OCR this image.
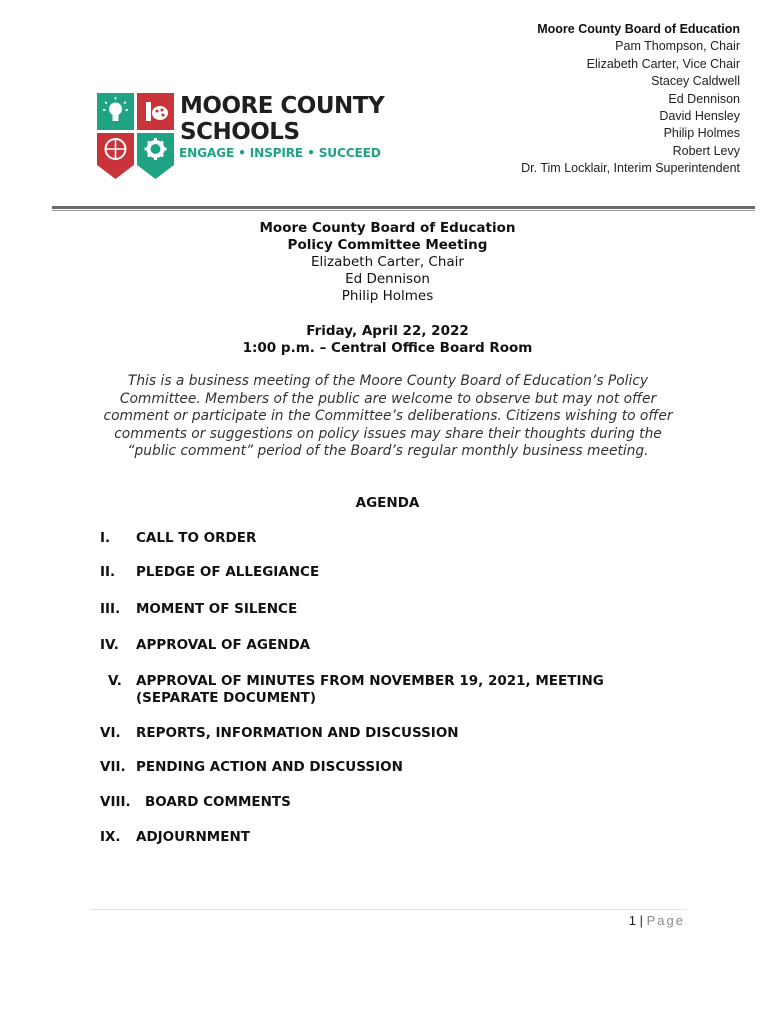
Moore County Board of Education
Pam Thompson, Chair
Elizabeth Carter, Vice Chair
Stacey Caldwell
Ed Dennison
David Hensley
Philip Holmes
Robert Levy
Dr. Tim Locklair, Interim Superintendent
MOORE COUNTY
SCHOOLS
ENGAGE • INSPIRE • SUCCEED
Moore County Board of Education
Policy Committee Meeting
Elizabeth Carter, Chair
Ed Dennison
Philip Holmes
Friday, April 22, 2022
1:00 p.m. – Central Office Board Room
This is a business meeting of the Moore County Board of Education’s Policy Committee. Members of the public are welcome to observe but may not offer comment or participate in the Committee’s deliberations. Citizens wishing to offer comments or suggestions on policy issues may share their thoughts during the “public comment” period of the Board’s regular monthly business meeting.
AGENDA
I. CALL TO ORDER
II. PLEDGE OF ALLEGIANCE
III. MOMENT OF SILENCE
IV. APPROVAL OF AGENDA
V. APPROVAL OF MINUTES FROM NOVEMBER 19, 2021, MEETING
(SEPARATE DOCUMENT)
VI. REPORTS, INFORMATION AND DISCUSSION
VII. PENDING ACTION AND DISCUSSION
VIII. BOARD COMMENTS
IX. ADJOURNMENT
1 | Page
